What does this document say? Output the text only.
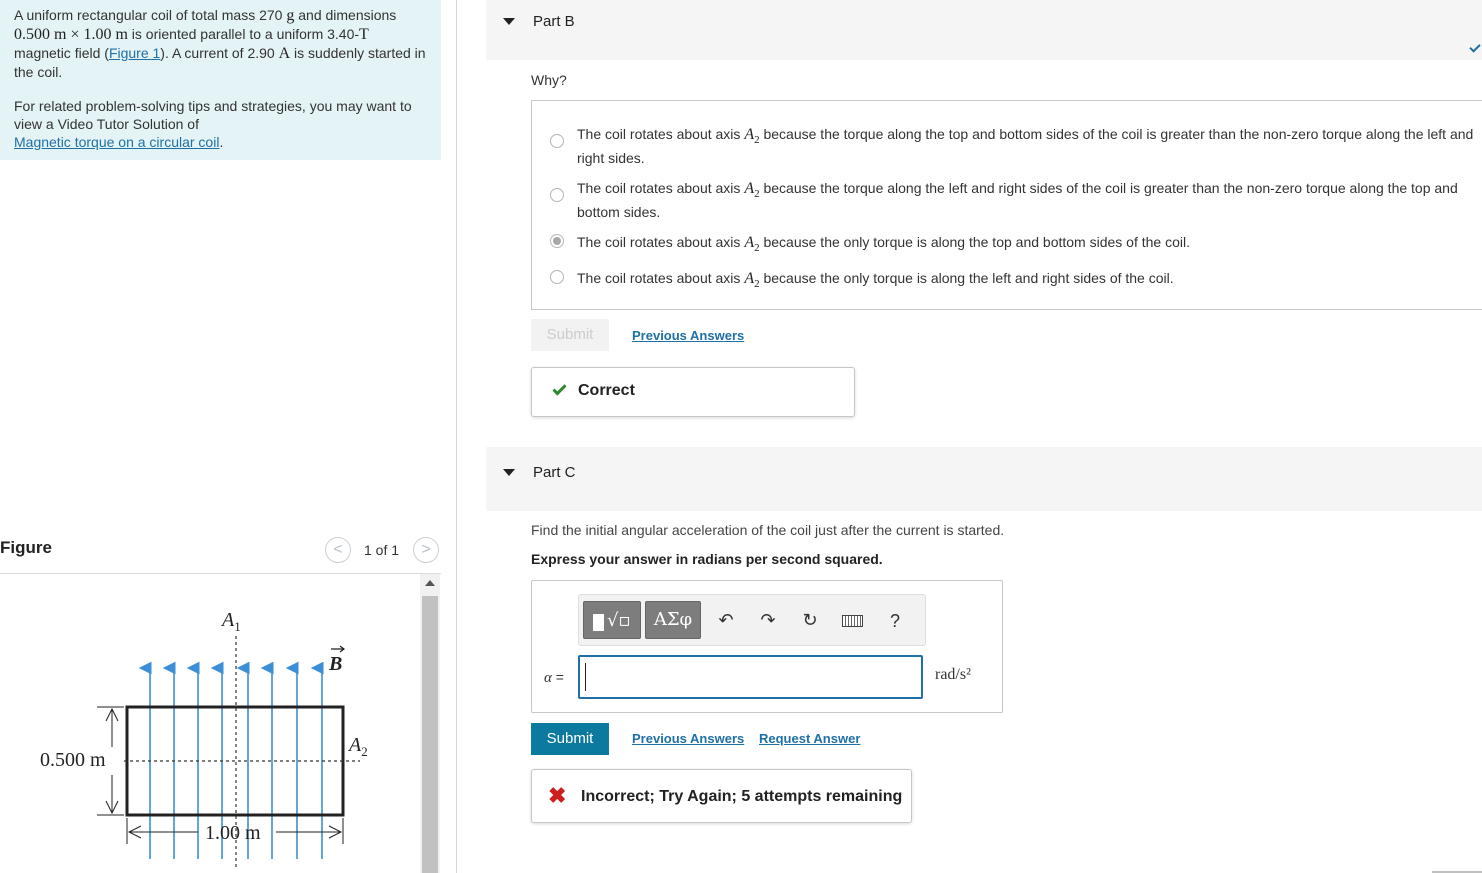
A uniform rectangular coil of total mass 270 g and dimensions
0.500 m × 1.00 m is oriented parallel to a uniform 3.40-T
magnetic field (Figure 1). A current of 2.90 A is suddenly started in the coil.

For related problem-solving tips and strategies, you may want to view a Video Tutor Solution of
Magnetic torque on a circular coil.

Figure	<	1 of 1	>
$A_1$
$A_2$
B
0.500 m
1.00 m
Part B
Why?
The coil rotates about axis $A_2$ because the torque along the top and bottom sides of the coil is greater than the non-zero torque along the left and right sides.
The coil rotates about axis $A_2$ because the torque along the left and right sides of the coil is greater than the non-zero torque along the top and bottom sides.
The coil rotates about axis $A_2$ because the only torque is along the top and bottom sides of the coil.
The coil rotates about axis $A_2$ because the only torque is along the left and right sides of the coil.
Submit	Previous Answers
Correct
Part C
Find the initial angular acceleration of the coil just after the current is started.
Express your answer in radians per second squared.
√▫	ΑΣφ	↶ ↷ ↻	?
α =	rad/s²
Submit	Previous Answers Request Answer
✖ Incorrect; Try Again; 5 attempts remaining
